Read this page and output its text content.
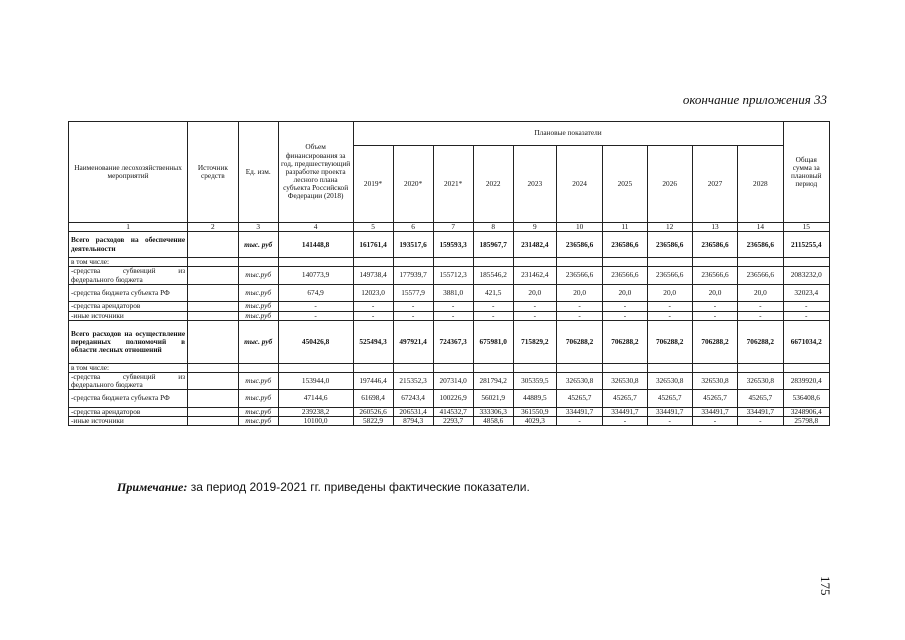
окончание приложения 33
Наименование лесохозяйственных мероприятий	Источник средств	Ед. изм.	Объем финансирования за год, предшествующий разработке проекта лесного плана субъекта Российской Федерации (2018)	Плановые показатели										Общая сумма за плановый период
				2019*	2020*	2021*	2022	2023	2024	2025	2026	2027	2028	
1	2	3	4	5	6	7	8	9	10	11	12	13	14	15
Всего расходов на обеспечение деятельности		тыс. руб	141448,8	161761,4	193517,6	159593,3	185967,7	231482,4	236586,6	236586,6	236586,6	236586,6	236586,6	2115255,4
в том числе:														
-средства субвенций из федерального бюджета		тыс.руб	140773,9	149738,4	177939,7	155712,3	185546,2	231462,4	236566,6	236566,6	236566,6	236566,6	236566,6	2083232,0
-средства бюджета субъекта РФ		тыс.руб	674,9	12023,0	15577,9	3881,0	421,5	20,0	20,0	20,0	20,0	20,0	20,0	32023,4
-средства арендаторов		тыс.руб	-	-	-	-	-	-	-	-	-	-	-	-
-иные источники		тыс.руб	-	-	-	-	-	-	-	-	-	-	-	-
Всего расходов на осуществление переданных полномочий в области лесных отношений		тыс. руб	450426,8	525494,3	497921,4	724367,3	675981,0	715829,2	706288,2	706288,2	706288,2	706288,2	706288,2	6671034,2
в том числе:														
-средства субвенций из федерального бюджета		тыс.руб	153944,0	197446,4	215352,3	207314,0	281794,2	305359,5	326530,8	326530,8	326530,8	326530,8	326530,8	2839920,4
-средства бюджета субъекта РФ		тыс.руб	47144,6	61698,4	67243,4	100226,9	56021,9	44889,5	45265,7	45265,7	45265,7	45265,7	45265,7	536408,6
-средства арендаторов		тыс.руб	239238,2	260526,6	206531,4	414532,7	333306,3	361550,9	334491,7	334491,7	334491,7	334491,7	334491,7	3248906,4
-иные источники		тыс.руб	10100,0	5822,9	8794,3	2293,7	4858,6	4029,3	-	-	-	-	-	25798,8
Примечание: за период 2019-2021 гг. приведены фактические показатели.
175
